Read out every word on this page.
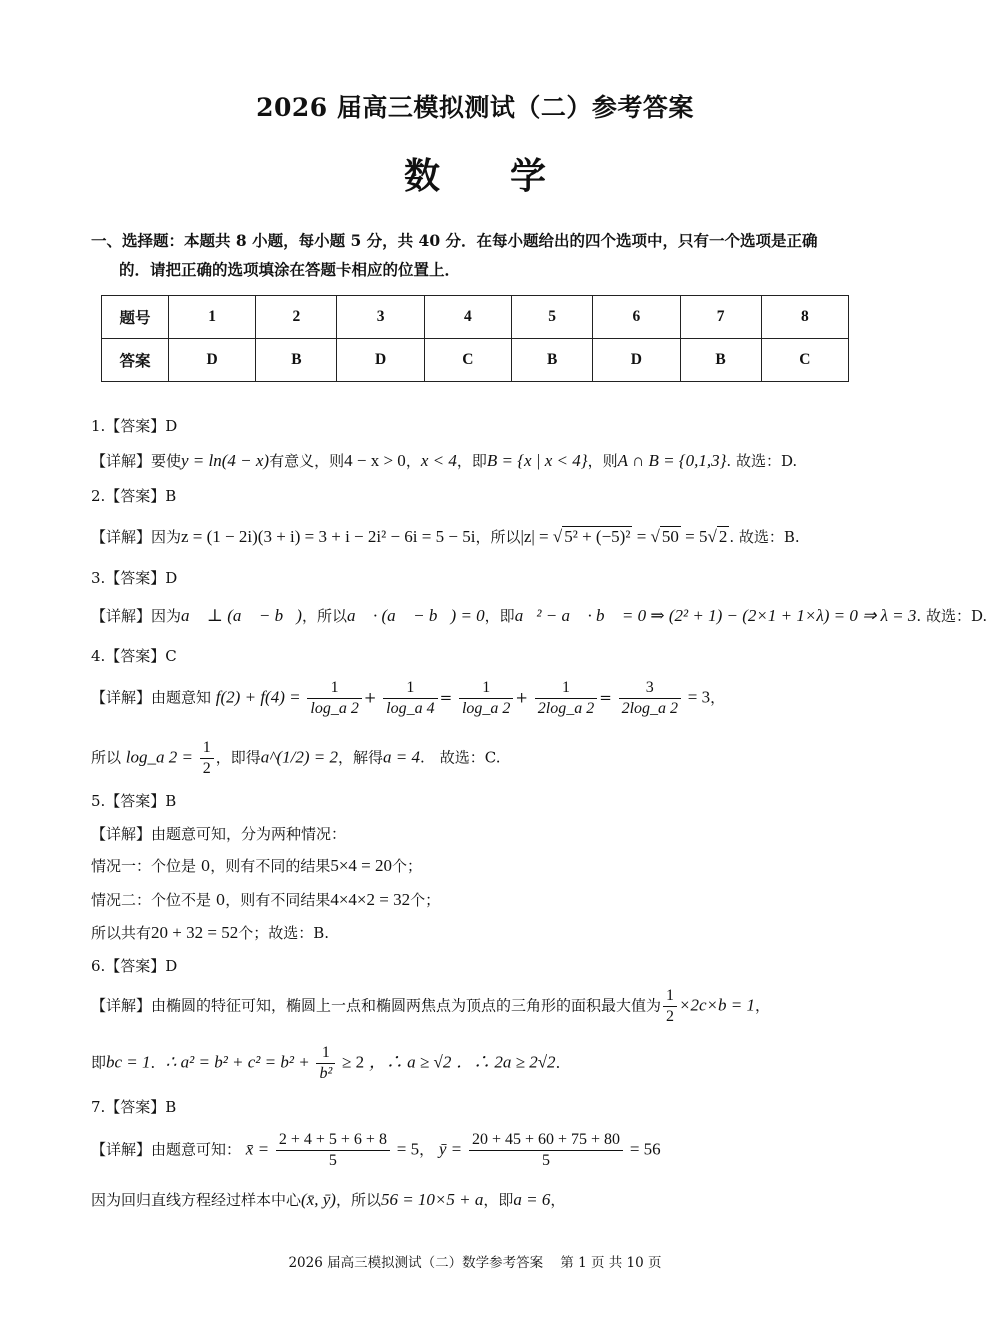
2026 届高三模拟测试（二）参考答案
数 学
一、选择题：本题共 8 小题，每小题 5 分，共 40 分．在每小题给出的四个选项中，只有一个选项是正确
的．请把正确的选项填涂在答题卡相应的位置上．
题号	1	2	3	4	5	6	7	8
答案	D	B	D	C	B	D	B	C
1.【答案】D
【详解】要使y = ln(4 − x)有意义，则4 − x > 0，x < 4，即B = {x | x < 4}，则A ∩ B = {0,1,3}. 故选：D.
2.【答案】B
【详解】因为z = (1 − 2i)(3 + i) = 3 + i − 2i² − 6i = 5 − 5i，所以|z| = √ 5² + (−5)² = √ 50 = 5√ 2 . 故选：B.
3.【答案】D
【详解】因为a⃗ ⊥ (a⃗ − b⃗)，所以a⃗ · (a⃗ − b⃗) = 0，即a⃗² − a⃗ · b⃗ = 0 ⇒ (2² + 1) − (2×1 + 1×λ) = 0 ⇒ λ = 3. 故选：D.
4.【答案】C
【详解】由题意知 $f(2) + f(4) = \frac{1}{\log\_a 2} + \frac{1}{\log\_a 4} = \frac{1}{\log\_a 2} + \frac{1}{2\log\_a 2} = \frac{3}{2\log\_a 2} = 3$，
所以 log_a $2 = \frac{1}{2}$ ，即得a^(1/2) = 2，解得a = 4.　故选：C.
5.【答案】B
【详解】由题意可知，分为两种情况：
情况一：个位是 0，则有不同的结果5×4 = 20个；
情况二：个位不是 0，则有不同结果4×4×2 = 32个；
所以共有20 + 32 = 52个；故选：B.
6.【答案】D
【详解】由椭圆的特征可知，椭圆上一点和椭圆两焦点为顶点的三角形的面积最大值为 $\frac{1}{2} \times 2c\times b = 1$，
即bc = 1．∴ $a^2 = b^2 + c^2 = b^2 + \frac{1}{\text{b²}} \ge 2$ ，∴ a ≥ √2 ．∴ 2a ≥ 2√2．
7.【答案】B
【详解】由题意可知： x̄ = $\frac{2 + 4 + 5 + 6 + 8}{5} = 5$， ȳ = $\frac{20 + 45 + 60 + 75 + 80}{5} = 56$
因为回归直线方程经过样本中心(x̄, ȳ)，所以56 = 10×5 + a，即a = 6，
2026 届高三模拟测试（二）数学参考答案 第 1 页 共 10 页
